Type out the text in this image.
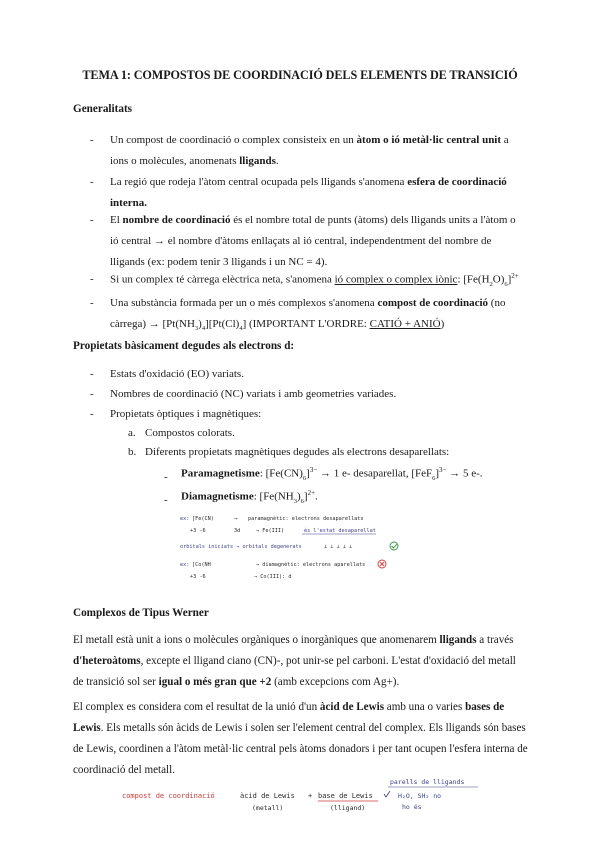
TEMA 1: COMPOSTOS DE COORDINACIÓ DELS ELEMENTS DE TRANSICIÓ
Generalitats
- Un compost de coordinació o complex consisteix en un àtom o ió metàl·lic central unit a
ions o molècules, anomenats lligands.
- La regió que rodeja l'àtom central ocupada pels lligands s'anomena esfera de coordinació
interna.
- El nombre de coordinació és el nombre total de punts (àtoms) dels lligands units a l'àtom o
ió central → el nombre d'àtoms enllaçats al ió central, independentment del nombre de
lligands (ex: podem tenir 3 lligands i un NC = 4).
- Si un complex té càrrega elèctrica neta, s'anomena ió complex o complex iònic: $[Fe(H_2O)_6]^{2+}$
- Una substància formada per un o més complexos s'anomena compost de coordinació (no
càrrega) → $[Pt(NH_3)_4][Pt(Cl)_4]$ (IMPORTANT L'ORDRE: CATIÓ + ANIÓ)
Propietats bàsicament degudes als electrons d:
- Estats d'oxidació (EO) variats.
- Nombres de coordinació (NC) variats i amb geometries variades.
- Propietats òptiques i magnètiques:
a. Compostos colorats.
b. Diferents propietats magnètiques degudes als electrons desaparellats:
- Paramagnetisme: $[Fe(CN)_6]^{3-} \to 1$ e- desaparellat, $[FeF_6]^{3-} \to 5$ e-.
- Diamagnetisme: $[Fe(NH_3)_6]^{2+}$.
ex: [Fe(CN)	⟶ paramagnètic: electrons desaparellats
+3 -6	3d	→ Fe(III)	és l'estat desaparellat
orbitals iniciats → orbitals degenerats	⊥ ⊥ ⊥ ⊥ ⊥
ex: [Co(NH	→ diamagnètic: electrons aparellats
+3 -6	→ Co(III): d
Complexos de Tipus Werner
El metall està unit a ions o molècules orgàniques o inorgàniques que anomenarem lligands a través
d'heteroàtoms, excepte el lligand ciano (CN)-, pot unir-se pel carboni. L'estat d'oxidació del metall
de transició sol ser igual o més gran que +2 (amb excepcions com Ag+).
El complex es considera com el resultat de la unió d'un àcid de Lewis amb una o varies bases de
Lewis. Els metalls són àcids de Lewis i solen ser l'element central del complex. Els lligands són bases
de Lewis, coordinen a l'àtom metàl·lic central pels àtoms donadors i per tant ocupen l'esfera interna de
coordinació del metall.
parells de lligands
compost de coordinació	àcid de Lewis + base de Lewis
(metall)	(lligand)
H₂O, SH₂ no
ho és
